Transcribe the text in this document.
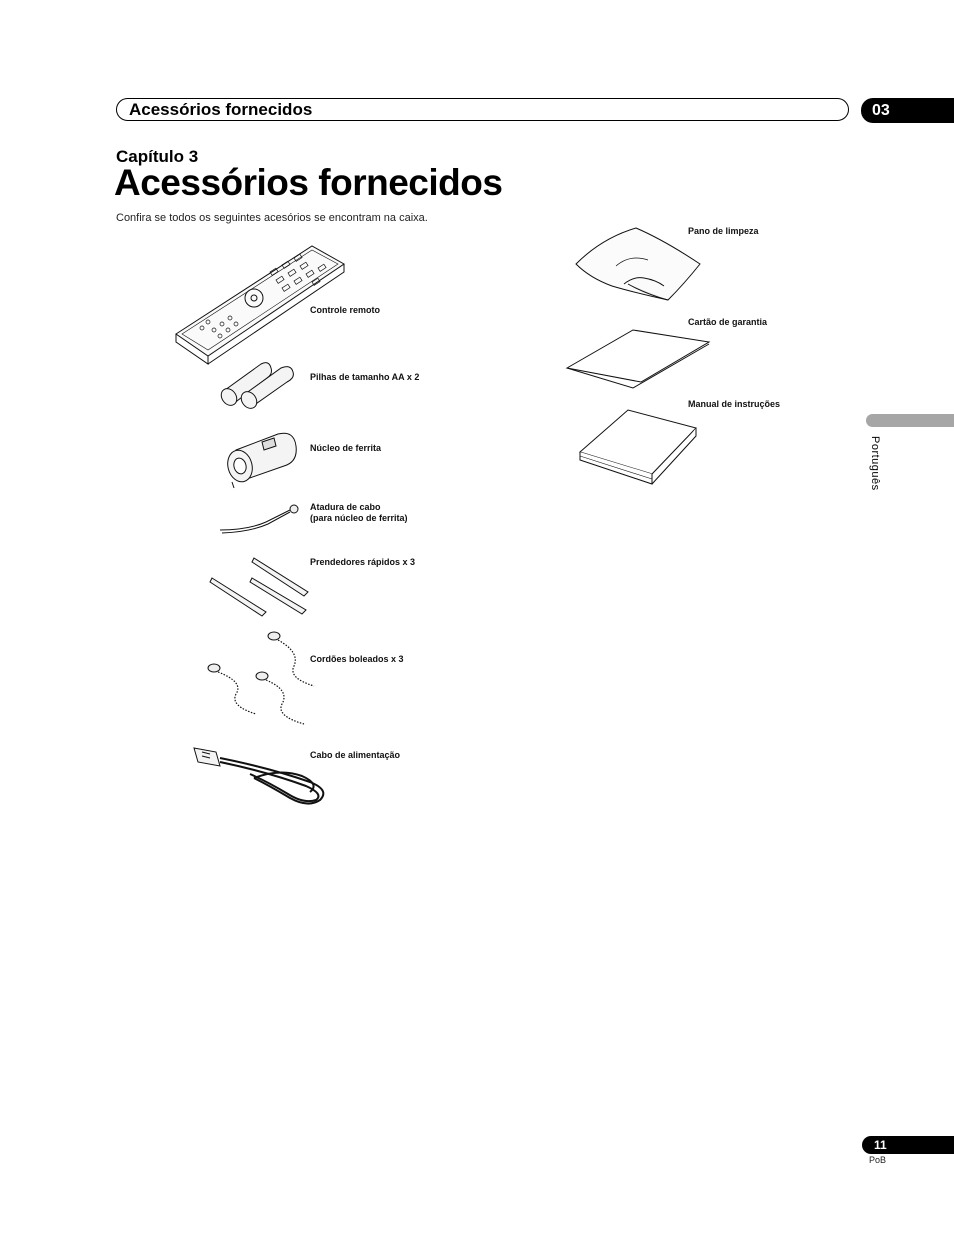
Acessórios fornecidos	03
Capítulo 3
Acessórios fornecidos
Confira se todos os seguintes acesórios se encontram na caixa.
Controle remoto
Pilhas de tamanho AA x 2
Núcleo de ferrita
Atadura de cabo
(para núcleo de ferrita)
Prendedores rápidos x 3
Cordões boleados x 3
Cabo de alimentação
Pano de limpeza
Cartão de garantia
Manual de instruções
Português
11
PoB
